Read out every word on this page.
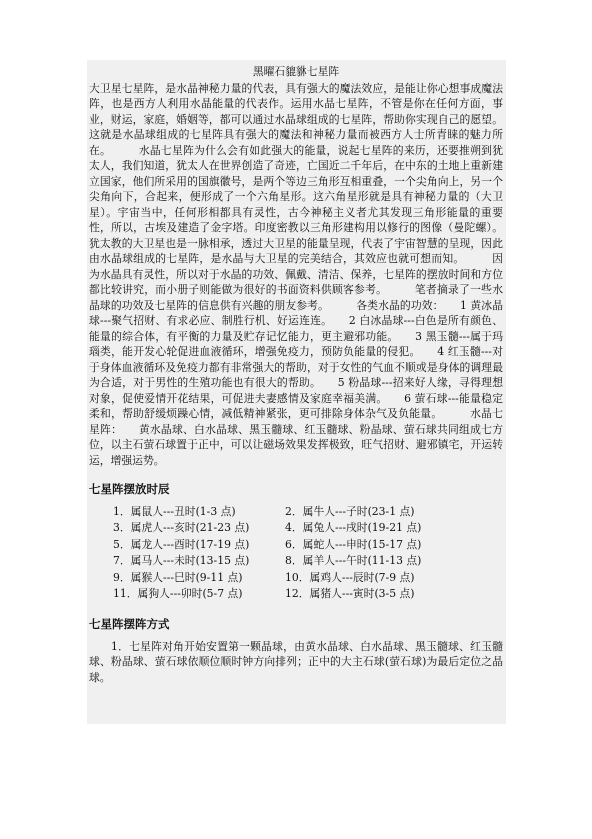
黑曜石貔貅七星阵
大卫星七星阵，是水晶神秘力量的代表，具有强大的魔法效应，是能让你心想事成魔法阵，也是西方人利用水晶能量的代表作。运用水晶七星阵，不管是你在任何方面，事业，财运，家庭，婚姻等，都可以通过水晶球组成的七星阵，帮助你实现自己的愿望。这就是水晶球组成的七星阵具有强大的魔法和神秘力量而被西方人士所青睐的魅力所在。　　　水晶七星阵为什么会有如此强大的能量，说起七星阵的来历，还要推朔到犹太人，我们知道，犹太人在世界创造了奇迹，亡国近二千年后，在中东的土地上重新建立国家，他们所采用的国旗徽号，是两个等边三角形互相重叠，一个尖角向上，另一个尖角向下，合起来，便形成了一个六角星形。这六角星形就是具有神秘力量的（大卫星）。宇宙当中，任何形相都具有灵性，古今神秘主义者尤其发现三角形能量的重要性，所以，古埃及建造了金字塔。印度密教以三角形建构用以修行的图像（曼陀螺）。犹太教的大卫星也是一脉相承，透过大卫星的能量呈现，代表了宇宙智慧的呈现，因此由水晶球组成的七星阵，是水晶与大卫星的完美结合，其效应也就可想而知。　　　因为水晶具有灵性，所以对于水晶的功效、佩戴、清洁、保养，七星阵的摆放时间和方位都比较讲究，而小册子则能做为很好的书面资料供顾客参考。　　　笔者摘录了一些水晶球的功效及七星阵的信息供有兴趣的朋友参考。　　　各类水晶的功效：　　1 黄冰晶球---聚气招财、有求必应、制胜行机、好运连连。　　2 白冰晶球---白色是所有颜色、能量的综合体，有平衡的力量及贮存记忆能力，更主避邪功能。　　3 黑玉髓---属于玛瑙类，能开发心轮促进血液循环，增强免疫力，预防负能量的侵犯。　　4 红玉髓---对于身体血液循环及免疫力都有非常强大的帮助，对于女性的气血不顺或是身体的调理最为合适，对于男性的生殖功能也有很大的帮助。　　5 粉晶球---招来好人缘，寻得理想对象，促使爱情开花结果，可促进夫妻感情及家庭幸福美满。　　6 萤石球---能量稳定柔和，帮助舒缓烦躁心情，减低精神紧张，更可排除身体杂气及负能量。　　　水晶七星阵：　　黄水晶球、白水晶球、黑玉髓球、红玉髓球、粉晶球、萤石球共同组成七方位，以主石萤石球置于正中，可以让磁场效果发挥极致，旺气招财、避邪镇宅，开运转运，增强运势。
七星阵摆放时辰
1．属鼠人---丑时(1-3 点)	2．属牛人---子时(23-1 点)
3．属虎人---亥时(21-23 点)	4．属兔人---戌时(19-21 点)
5．属龙人---酉时(17-19 点)	6．属蛇人---申时(15-17 点)
7．属马人---未时(13-15 点)	8．属羊人---午时(11-13 点)
9．属猴人---巳时(9-11 点)	10．属鸡人---辰时(7-9 点)
11．属狗人---卯时(5-7 点)	12．属猪人---寅时(3-5 点)
七星阵摆阵方式
1．七星阵对角开始安置第一颗晶球，由黄水晶球、白水晶球、黑玉髓球、红玉髓球、粉晶球、萤石球依顺位顺时钟方向排列；正中的大主石球(萤石球)为最后定位之晶球。
